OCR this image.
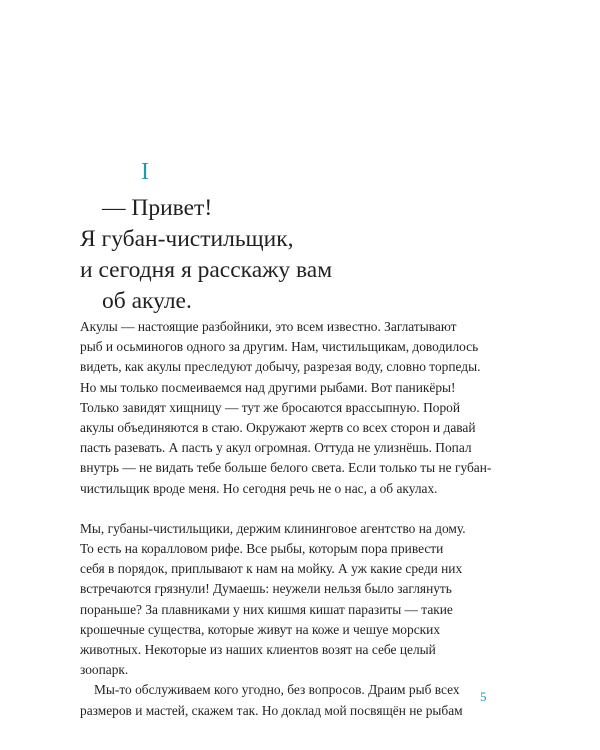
I
— Привет!
Я губан-чистильщик,
и сегодня я расскажу вам
об акуле.
Акулы — настоящие разбойники, это всем известно. Заглатывают
рыб и осьминогов одного за другим. Нам, чистильщикам, доводилось
видеть, как акулы преследуют добычу, разрезая воду, словно торпеды.
Но мы только посмеиваемся над другими рыбами. Вот паникёры!
Только завидят хищницу — тут же бросаются врассыпную. Порой
акулы объединяются в стаю. Окружают жертв со всех сторон и давай
пасть разевать. А пасть у акул огромная. Оттуда не улизнёшь. Попал
внутрь — не видать тебе больше белого света. Если только ты не губан-
чистильщик вроде меня. Но сегодня речь не о нас, а об акулах.
Мы, губаны-чистильщики, держим клининговое агентство на дому.
То есть на коралловом рифе. Все рыбы, которым пора привести
себя в порядок, приплывают к нам на мойку. А уж какие среди них
встречаются грязнули! Думаешь: неужели нельзя было заглянуть
пораньше? За плавниками у них кишмя кишат паразиты — такие
крошечные существа, которые живут на коже и чешуе морских
животных. Некоторые из наших клиентов возят на себе целый
зоопарк.
Мы-то обслуживаем кого угодно, без вопросов. Драим рыб всех
размеров и мастей, скажем так. Но доклад мой посвящён не рыбам
5
